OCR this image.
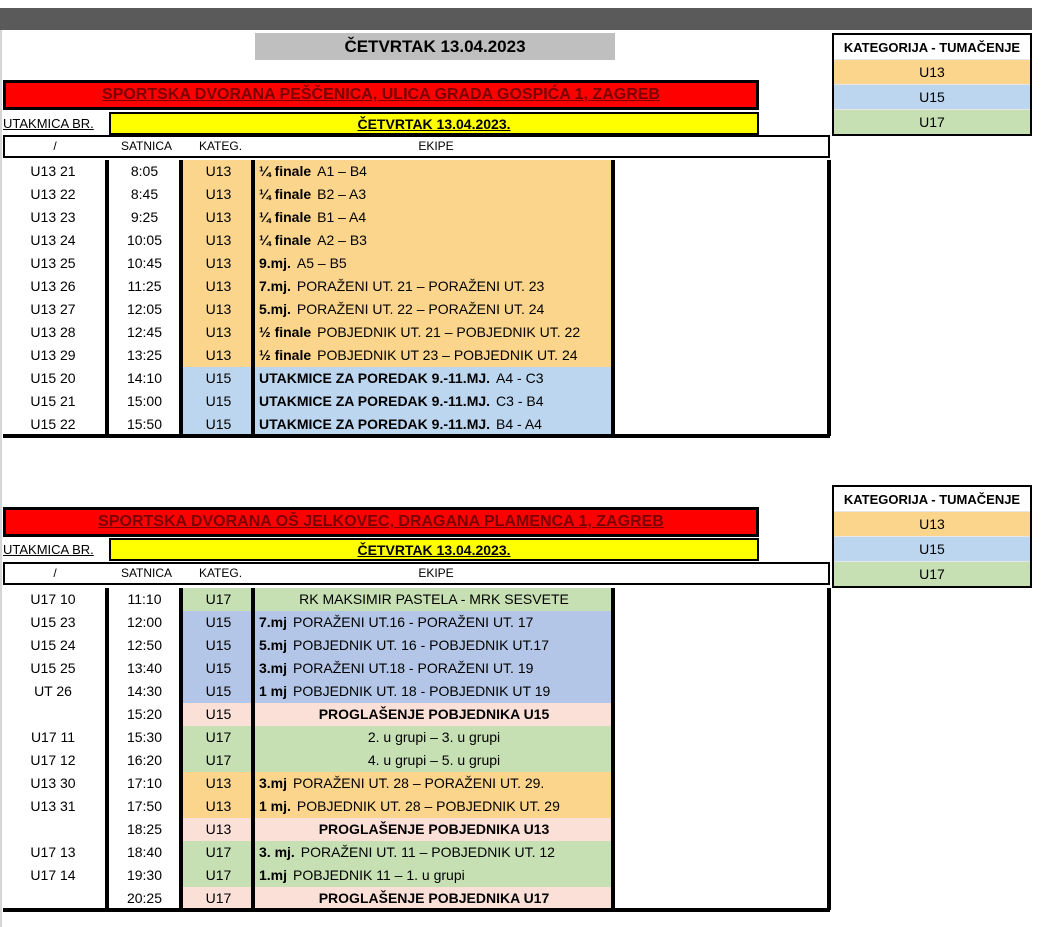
ČETVRTAK 13.04.2023	KATEGORIJA - TUMAČENJE
U13
U15
U17
SPORTSKA DVORANA PEŠČENICA, ULICA GRADA GOSPIĆA 1, ZAGREB
UTAKMICA BR.	ČETVRTAK 13.04.2023.
/	SATNICA	KATEG.	EKIPE
U13 21	8:05	U13	¼ finale A1 – B4
U13 22	8:45	U13	¼ finale B2 – A3
U13 23	9:25	U13	¼ finale B1 – A4
U13 24	10:05	U13	¼ finale A2 – B3
U13 25	10:45	U13	9.mj. A5 – B5
U13 26	11:25	U13	7.mj. PORAŽENI UT. 21 – PORAŽENI UT. 23
U13 27	12:05	U13	5.mj. PORAŽENI UT. 22 – PORAŽENI UT. 24
U13 28	12:45	U13	½ finale POBJEDNIK UT. 21 – POBJEDNIK UT. 22
U13 29	13:25	U13	½ finale POBJEDNIK UT 23 – POBJEDNIK UT. 24
U15 20	14:10	U15	UTAKMICE ZA POREDAK 9.-11.MJ. A4 - C3
U15 21	15:00	U15	UTAKMICE ZA POREDAK 9.-11.MJ. C3 - B4
U15 22	15:50	U15	UTAKMICE ZA POREDAK 9.-11.MJ. B4 - A4
KATEGORIJA - TUMAČENJE
U13
U15
U17
SPORTSKA DVORANA OŠ JELKOVEC, DRAGANA PLAMENCA 1, ZAGREB
UTAKMICA BR.	ČETVRTAK 13.04.2023.
/	SATNICA	KATEG.	EKIPE
U17 10	11:10	U17	RK MAKSIMIR PASTELA - MRK SESVETE
U15 23	12:00	U15	7.mj PORAŽENI UT.16 - PORAŽENI UT. 17
U15 24	12:50	U15	5.mj POBJEDNIK UT. 16 - POBJEDNIK UT.17
U15 25	13:40	U15	3.mj PORAŽENI UT.18 - PORAŽENI UT. 19
UT 26	14:30	U15	1 mj POBJEDNIK UT. 18 - POBJEDNIK UT 19
15:20	U15	PROGLAŠENJE POBJEDNIKA U15
U17 11	15:30	U17	2. u grupi – 3. u grupi
U17 12	16:20	U17	4. u grupi – 5. u grupi
U13 30	17:10	U13	3.mj PORAŽENI UT. 28 – PORAŽENI UT. 29.
U13 31	17:50	U13	1 mj. POBJEDNIK UT. 28 – POBJEDNIK UT. 29
18:25	U13	PROGLAŠENJE POBJEDNIKA U13
U17 13	18:40	U17	3. mj. PORAŽENI UT. 11 – POBJEDNIK UT. 12
U17 14	19:30	U17	1.mj POBJEDNIK 11 – 1. u grupi
20:25	U17	PROGLAŠENJE POBJEDNIKA U17
